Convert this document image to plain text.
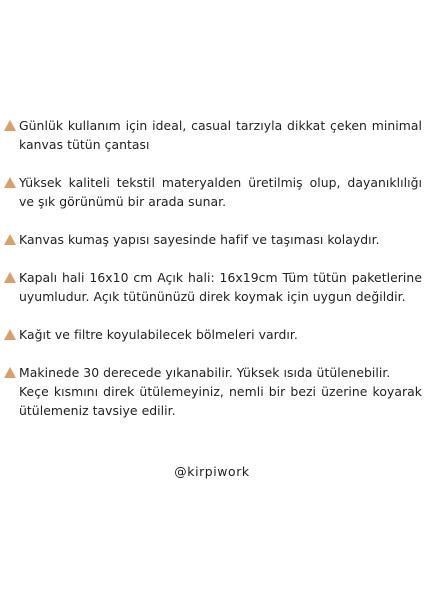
Günlük kullanım için ideal, casual tarzıyla dikkat çeken minimal kanvas tütün çantası

Yüksek kaliteli tekstil materyalden üretilmiş olup, dayanıklılığı ve şık görünümü bir arada sunar.

Kanvas kumaş yapısı sayesinde hafif ve taşıması kolaydır.

Kapalı hali 16x10 cm Açık hali: 16x19cm Tüm tütün paketlerine uyumludur. Açık tütününüzü direk koymak için uygun değildir.

Kağıt ve filtre koyulabilecek bölmeleri vardır.

Makinede 30 derecede yıkanabilir. Yüksek ısıda ütülenebilir.

Keçe kısmını direk ütülemeyiniz, nemli bir bezi üzerine koyarak ütülemeniz tavsiye edilir.

@kirpiwork
